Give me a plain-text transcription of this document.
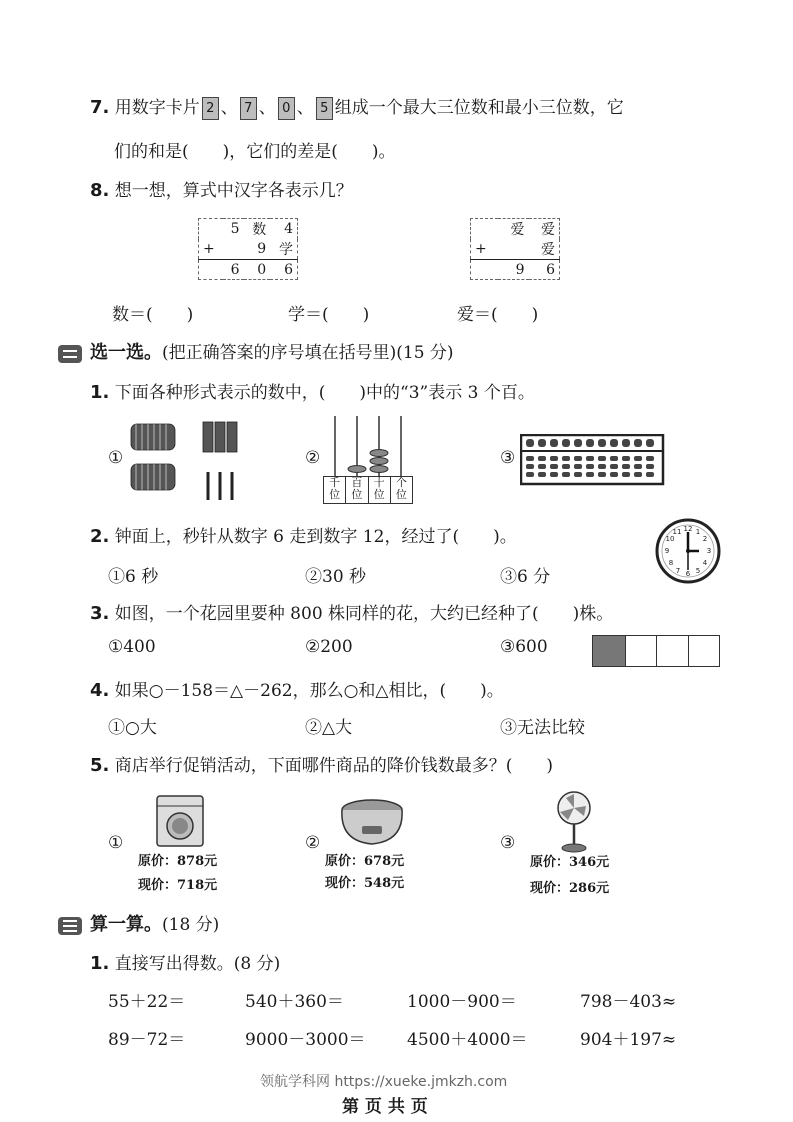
7. 用数字卡片 2 、 7 、 0 、 5 组成一个最大三位数和最小三位数，它
们的和是(　　)，它们的差是(　　)。
8. 想一想，算式中汉字各表示几？
	5	数	4
+		9	学
	6	0	6
	爱	爱
+		爱
	9	6
数＝(　　)	学＝(　　)	爱＝(　　)
选一选。(把正确答案的序号填在括号里)(15 分)
1. 下面各种形式表示的数中，(　　)中的“3”表示 3 个百。
①	②
千位
百位
十位
个位
③
2. 钟面上，秒针从数字 6 走到数字 12，经过了(　　)。
①6 秒	②30 秒	③6 分
12 1
2
3
4
5
6
7
8
9
10
11
3. 如图，一个花园里要种 800 株同样的花，大约已经种了(　　)株。
①400	②200	③600
4. 如果○－158＝△－262，那么○和△相比，(　　)。
①○大	②△大	③无法比较
5. 商店举行促销活动，下面哪件商品的降价钱数最多？(　　)
①
原价：878元
现价：718元
②
原价：678元
现价：548元
③
原价：346元
现价：286元
算一算。(18 分)
1. 直接写出得数。(8 分)
55＋22＝	540＋360＝	1000－900＝	798－403≈
89－72＝	9000－3000＝ 4500＋4000＝	904＋197≈
领航学科网 https://xueke.jmkzh.com
第 页 共 页
